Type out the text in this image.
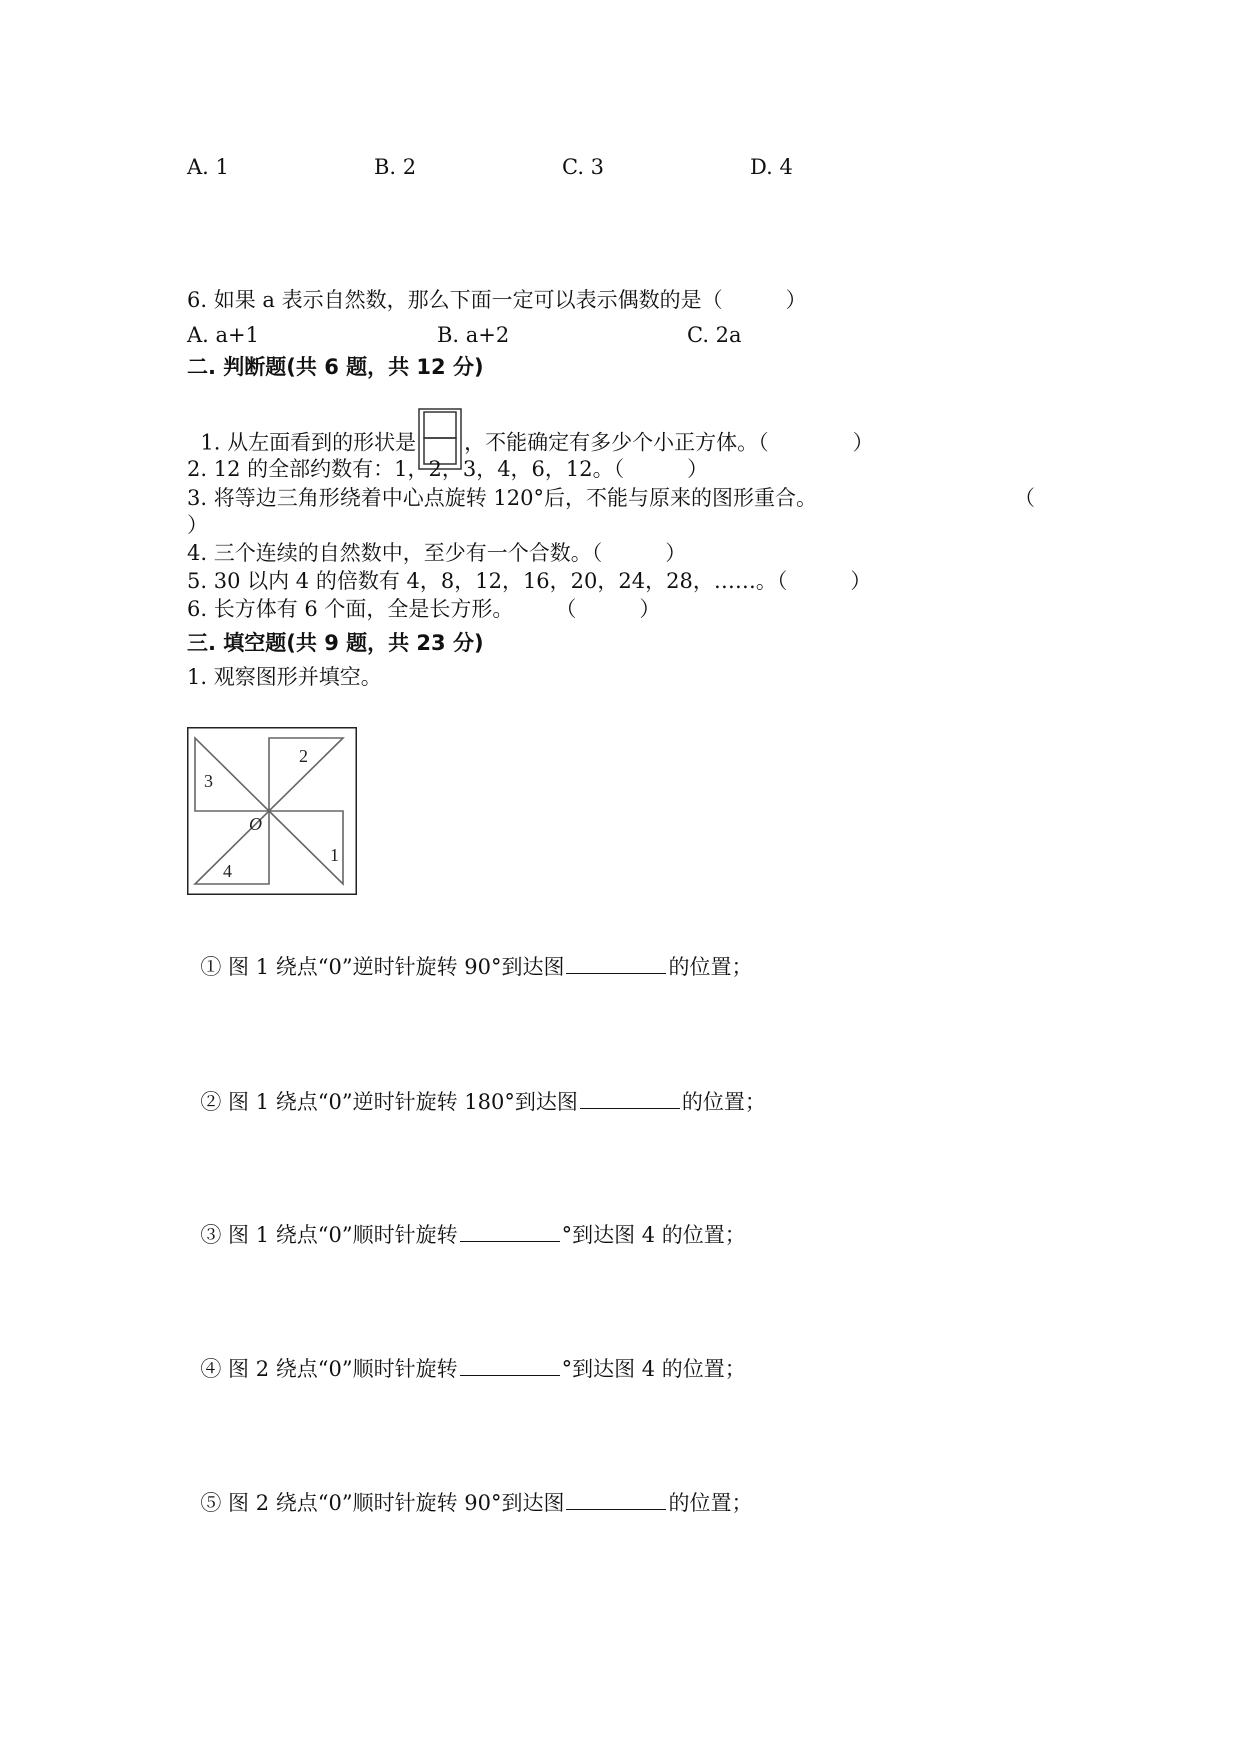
A. 1	B. 2	C. 3	D. 4
6. 如果 a 表示自然数，那么下面一定可以表示偶数的是（　　　）
A. a+1	B. a+2	C. 2a
二. 判断题(共 6 题，共 12 分)

1. 从左面看到的形状是 ，不能确定有多少个小正方体。（　　　　）

2. 12 的全部约数有：1，2，3，4，6，12。（　　　）
3. 将等边三角形绕着中心点旋转 120°后，不能与原来的图形重合。	（
）
4. 三个连续的自然数中，至少有一个合数。（　　　）
5. 30 以内 4 的倍数有 4，8，12，16，20，24，28，……。（　　　）
6. 长方体有 6 个面，全是长方形。　　　（　　　）
三. 填空题(共 9 题，共 23 分)
1. 观察图形并填空。
2
3
1
4
O

① 图 1 绕点“0”逆时针旋转 90°到达图	的位置；

② 图 1 绕点“0”逆时针旋转 180°到达图	的位置；

③ 图 1 绕点“0”顺时针旋转	°到达图 4 的位置；

④ 图 2 绕点“0”顺时针旋转	°到达图 4 的位置；

⑤ 图 2 绕点“0”顺时针旋转 90°到达图	的位置；
